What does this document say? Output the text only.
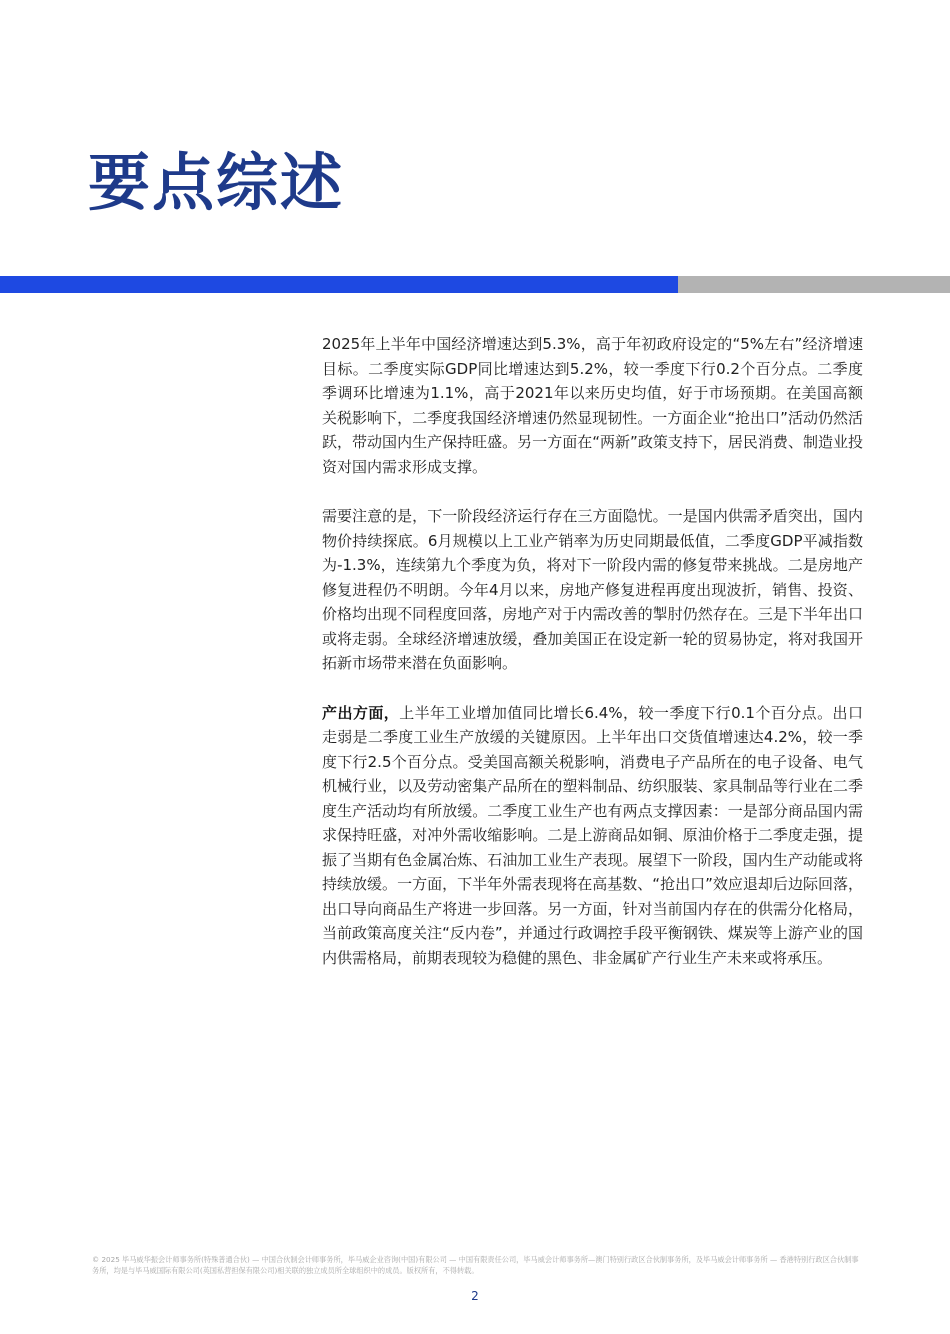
要点综述

2025年上半年中国经济增速达到5.3%，高于年初政府设定的“5%左右”经济增速目标。二季度实际GDP同比增速达到5.2%，较一季度下行0.2个百分点。二季度季调环比增速为1.1%，高于2021年以来历史均值，好于市场预期。在美国高额关税影响下，二季度我国经济增速仍然显现韧性。一方面企业“抢出口”活动仍然活跃，带动国内生产保持旺盛。另一方面在“两新”政策支持下，居民消费、制造业投资对国内需求形成支撑。

需要注意的是，下一阶段经济运行存在三方面隐忧。一是国内供需矛盾突出，国内物价持续探底。6月规模以上工业产销率为历史同期最低值，二季度GDP平减指数为-1.3%，连续第九个季度为负，将对下一阶段内需的修复带来挑战。二是房地产修复进程仍不明朗。今年4月以来，房地产修复进程再度出现波折，销售、投资、价格均出现不同程度回落，房地产对于内需改善的掣肘仍然存在。三是下半年出口或将走弱。全球经济增速放缓，叠加美国正在设定新一轮的贸易协定，将对我国开拓新市场带来潜在负面影响。

产出方面，上半年工业增加值同比增长6.4%，较一季度下行0.1个百分点。出口走弱是二季度工业生产放缓的关键原因。上半年出口交货值增速达4.2%，较一季度下行2.5个百分点。受美国高额关税影响，消费电子产品所在的电子设备、电气机械行业，以及劳动密集产品所在的塑料制品、纺织服装、家具制品等行业在二季度生产活动均有所放缓。二季度工业生产也有两点支撑因素：一是部分商品国内需求保持旺盛，对冲外需收缩影响。二是上游商品如铜、原油价格于二季度走强，提振了当期有色金属冶炼、石油加工业生产表现。展望下一阶段，国内生产动能或将持续放缓。一方面，下半年外需表现将在高基数、“抢出口”效应退却后边际回落，出口导向商品生产将进一步回落。另一方面，针对当前国内存在的供需分化格局，当前政策高度关注“反内卷”，并通过行政调控手段平衡钢铁、煤炭等上游产业的国内供需格局，前期表现较为稳健的黑色、非金属矿产行业生产未来或将承压。

© 2025 毕马威华振会计师事务所(特殊普通合伙) — 中国合伙制会计师事务所，毕马威企业咨询(中国)有限公司 — 中国有限责任公司，毕马威会计师事务所—澳门特别行政区合伙制事务所，及毕马威会计师事务所 — 香港特别行政区合伙制事务所，均是与毕马威国际有限公司(英国私营担保有限公司)相关联的独立成员所全球组织中的成员。版权所有，不得转载。

2
